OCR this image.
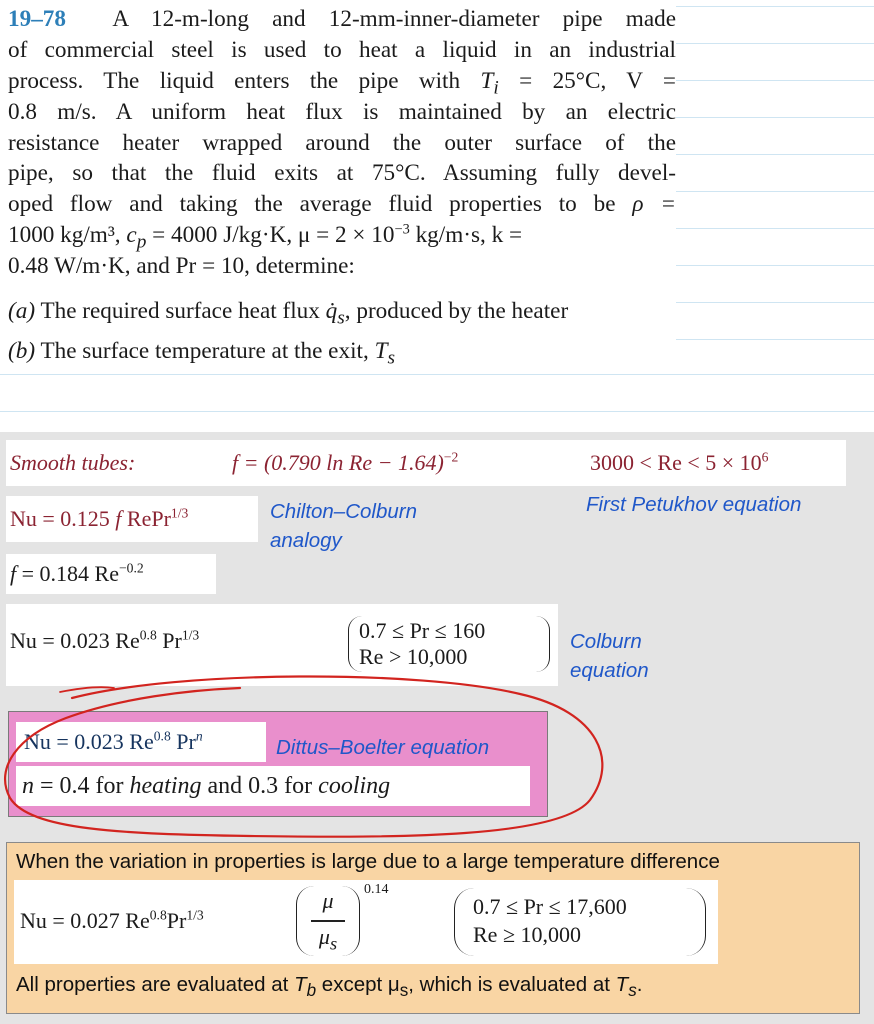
19–78 A 12-m-long and 12-mm-inner-diameter pipe made
of commercial steel is used to heat a liquid in an industrial
process. The liquid enters the pipe with $T_i = 25^\circ C$, V =
0.8 m/s. A uniform heat flux is maintained by an electric
resistance heater wrapped around the outer surface of the
pipe, so that the fluid exits at 75°C. Assuming fully devel-
oped flow and taking the average fluid properties to be ρ =
1000 kg/m³, $c_p = 4000$ J/kg·K, $\mu = 2 \times 10^{-3}$ kg/m·s, k =
0.48 W/m·K, and Pr = 10, determine:
(a) The required surface heat flux $q̇_s$, produced by the heater
(b) The surface temperature at the exit, $T_s$
Smooth tubes:	f = (0.790 ln Re − 1.64)$^{-2}$	$3000 < Re < 5 \times 10^6$
First Petukhov equation
Nu = 0.125 f RePr$^{1/3}$	Chilton–Colburn
analogy
f = 0.184 $Re^{-0.2}$
Nu = 0.023 $Re^{0.8}$ $Pr^{1/3}$	0.7 ≤ Pr ≤ 160
Re > 10,000
Colburn
equation
Nu = 0.023 $Re^{0.8}$ Pr$^n$	Dittus–Boelter equation
n = 0.4 for heating and 0.3 for cooling
When the variation in properties is large due to a large temperature difference
Nu = 0.027 $Re^{0.8}Pr^{1/3}$
μ
$\mu_s$
0.14
0.7 ≤ Pr ≤ 17,600
Re ≥ 10,000
All properties are evaluated at $T_b$ except $\mu_s$, which is evaluated at $T_s$.
